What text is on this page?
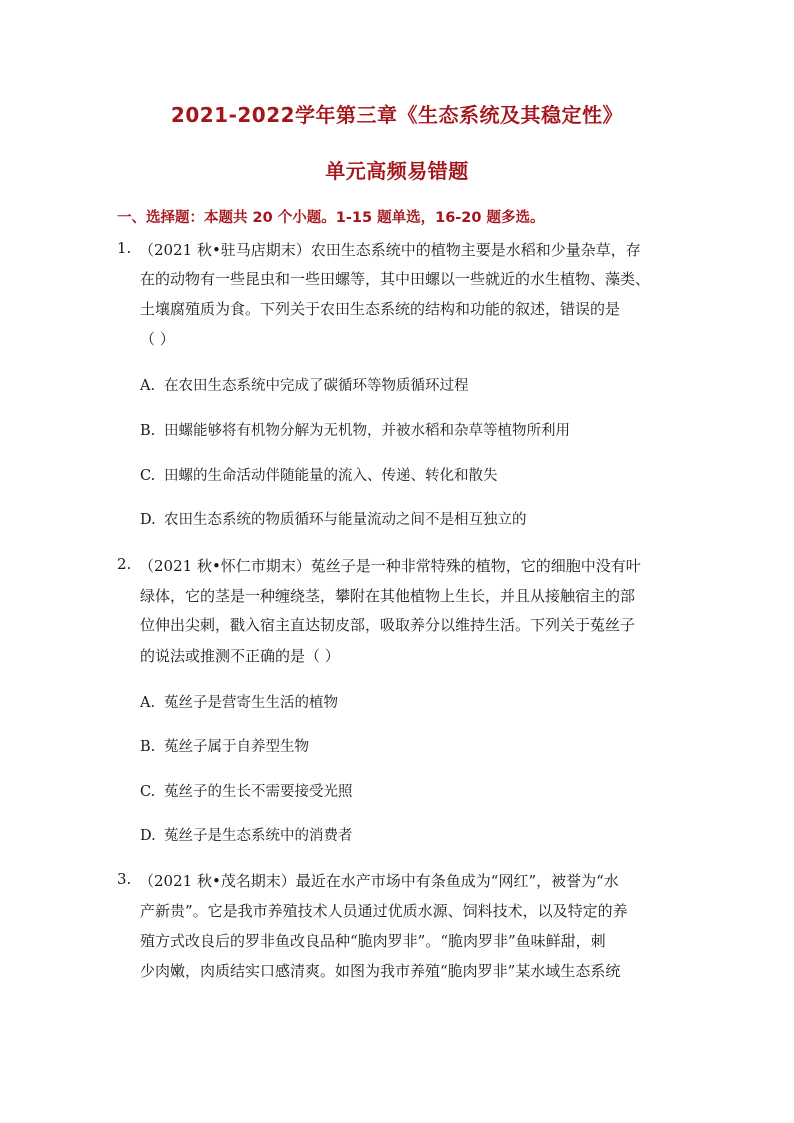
2021-2022学年第三章《生态系统及其稳定性》
单元高频易错题
一、选择题：本题共 20 个小题。1-15 题单选，16-20 题多选。
1. （2021 秋•驻马店期末）农田生态系统中的植物主要是水稻和少量杂草，存
在的动物有一些昆虫和一些田螺等，其中田螺以一些就近的水生植物、藻类、
土壤腐殖质为食。下列关于农田生态系统的结构和功能的叙述，错误的是
（ ）
A. 在农田生态系统中完成了碳循环等物质循环过程
B. 田螺能够将有机物分解为无机物，并被水稻和杂草等植物所利用
C. 田螺的生命活动伴随能量的流入、传递、转化和散失
D. 农田生态系统的物质循环与能量流动之间不是相互独立的
2. （2021 秋•怀仁市期末）菟丝子是一种非常特殊的植物，它的细胞中没有叶
绿体，它的茎是一种缠绕茎，攀附在其他植物上生长，并且从接触宿主的部
位伸出尖刺，戳入宿主直达韧皮部，吸取养分以维持生活。下列关于菟丝子
的说法或推测不正确的是（ ）
A. 菟丝子是营寄生生活的植物
B. 菟丝子属于自养型生物
C. 菟丝子的生长不需要接受光照
D. 菟丝子是生态系统中的消费者
3. （2021 秋•茂名期末）最近在水产市场中有条鱼成为“网红”，被誉为“水
产新贵”。它是我市养殖技术人员通过优质水源、饲料技术，以及特定的养
殖方式改良后的罗非鱼改良品种“脆肉罗非”。“脆肉罗非”鱼味鲜甜，刺
少肉嫩，肉质结实口感清爽。如图为我市养殖“脆肉罗非”某水域生态系统
